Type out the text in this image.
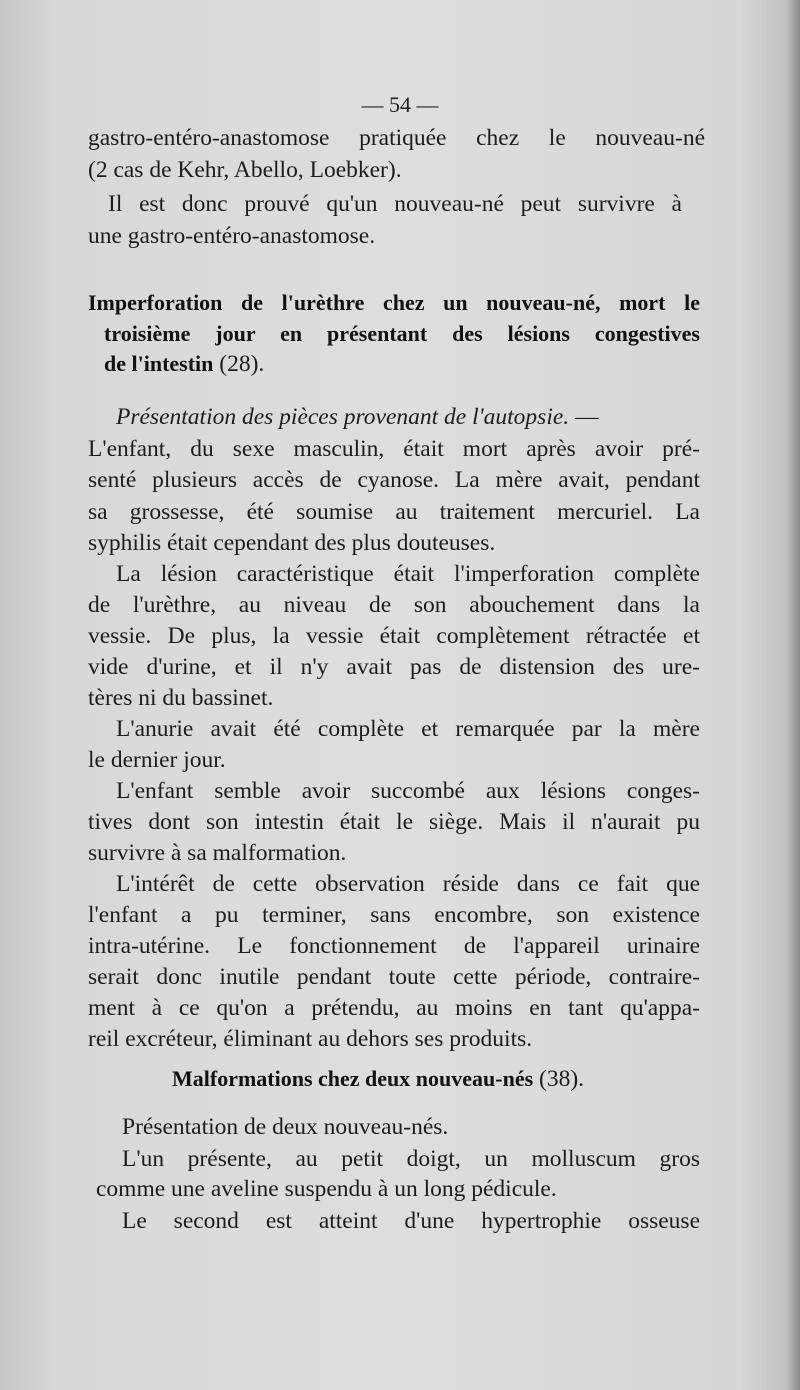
— 54 —
gastro-entéro-anastomose pratiquée chez le nouveau-né
(2 cas de Kehr, Abello, Loebker).
Il est donc prouvé qu'un nouveau-né peut survivre à
une gastro-entéro-anastomose.
Imperforation de l'urèthre chez un nouveau-né, mort le
troisième jour en présentant des lésions congestives
de l'intestin (28).
Présentation des pièces provenant de l'autopsie. —
L'enfant, du sexe masculin, était mort après avoir pré-
senté plusieurs accès de cyanose. La mère avait, pendant
sa grossesse, été soumise au traitement mercuriel. La
syphilis était cependant des plus douteuses.
La lésion caractéristique était l'imperforation complète
de l'urèthre, au niveau de son abouchement dans la
vessie. De plus, la vessie était complètement rétractée et
vide d'urine, et il n'y avait pas de distension des ure-
tères ni du bassinet.
L'anurie avait été complète et remarquée par la mère
le dernier jour.
L'enfant semble avoir succombé aux lésions conges-
tives dont son intestin était le siège. Mais il n'aurait pu
survivre à sa malformation.
L'intérêt de cette observation réside dans ce fait que
l'enfant a pu terminer, sans encombre, son existence
intra-utérine. Le fonctionnement de l'appareil urinaire
serait donc inutile pendant toute cette période, contraire-
ment à ce qu'on a prétendu, au moins en tant qu'appa-
reil excréteur, éliminant au dehors ses produits.
Malformations chez deux nouveau-nés (38).
Présentation de deux nouveau-nés.
L'un présente, au petit doigt, un molluscum gros
comme une aveline suspendu à un long pédicule.
Le second est atteint d'une hypertrophie osseuse
